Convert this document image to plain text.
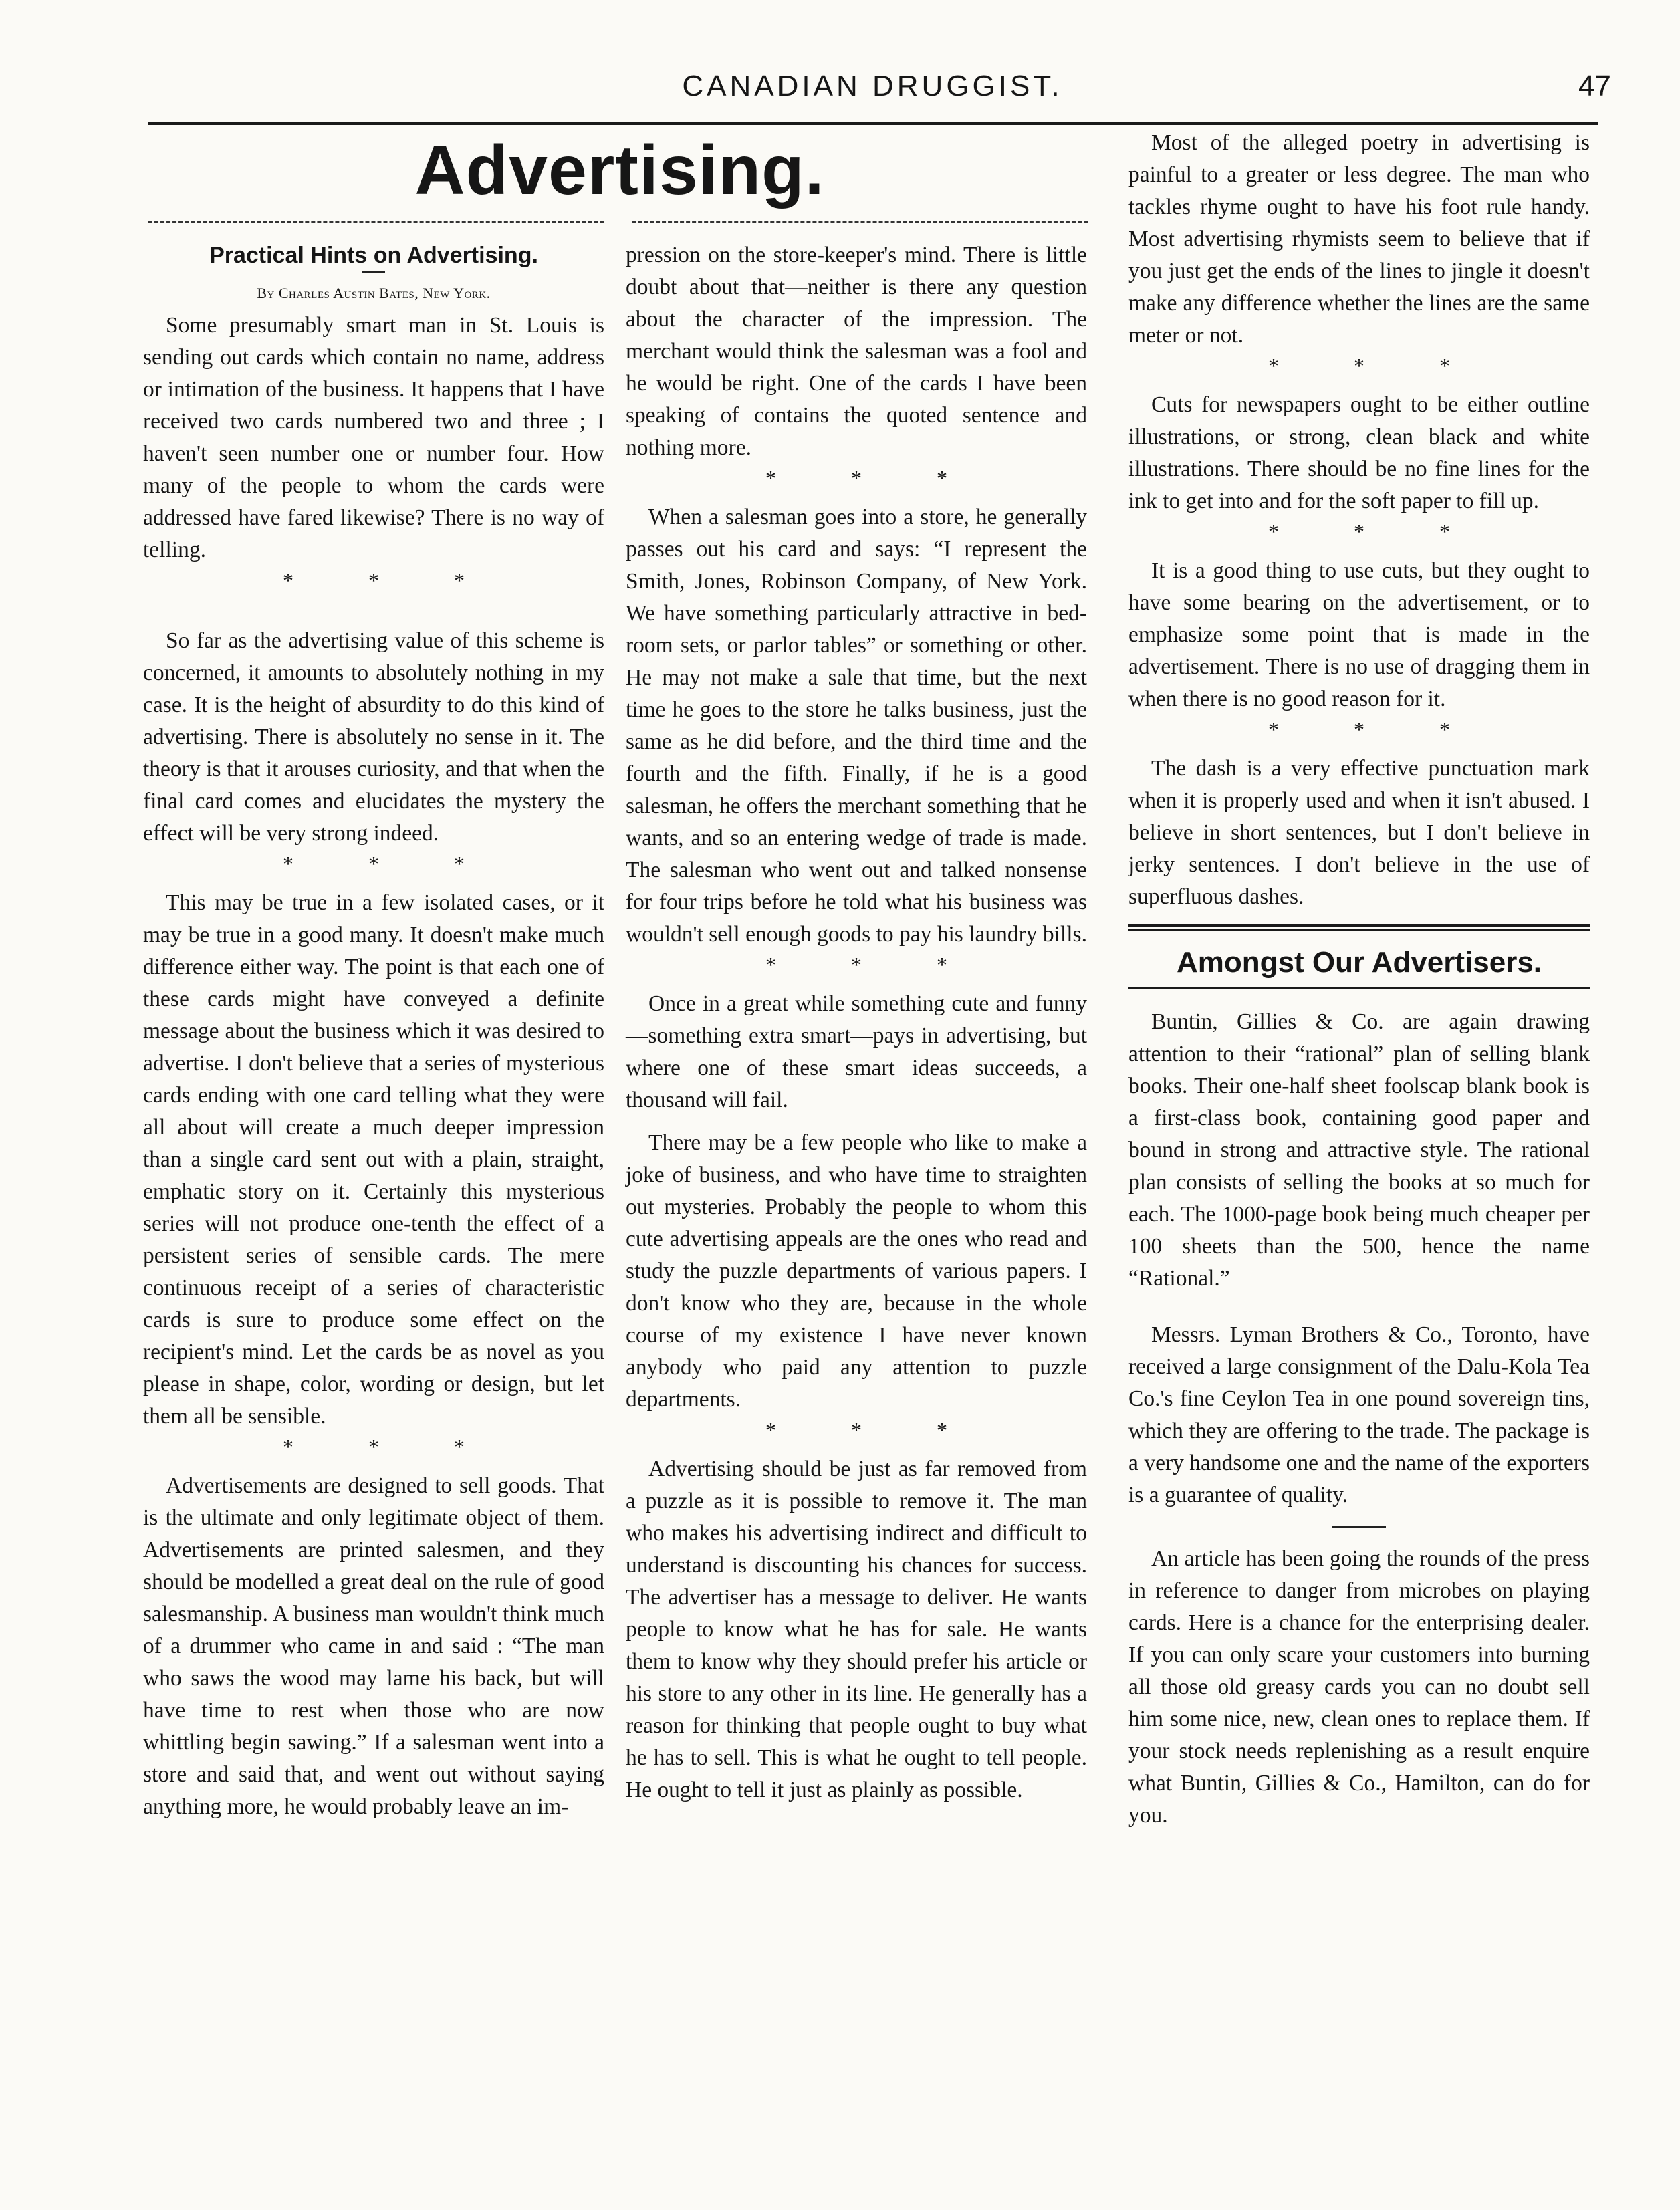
CANADIAN DRUGGIST.	47
Advertising.
Practical Hints on Advertising.
By Charles Austin Bates, New York.

Some presumably smart man in St. Louis is sending out cards which contain no name, address or intimation of the business. It happens that I have received two cards numbered two and three ; I haven't seen number one or number four. How many of the people to whom the cards were addressed have fared likewise? There is no way of telling.

* * *

So far as the advertising value of this scheme is concerned, it amounts to absolutely nothing in my case. It is the height of absurdity to do this kind of advertising. There is absolutely no sense in it. The theory is that it arouses curiosity, and that when the final card comes and elucidates the mystery the effect will be very strong indeed.

* * *

This may be true in a few isolated cases, or it may be true in a good many. It doesn't make much difference either way. The point is that each one of these cards might have conveyed a definite message about the business which it was desired to advertise. I don't believe that a series of mysterious cards ending with one card telling what they were all about will create a much deeper impression than a single card sent out with a plain, straight, emphatic story on it. Certainly this mysterious series will not produce one-tenth the effect of a persistent series of sensible cards. The mere continuous receipt of a series of characteristic cards is sure to produce some effect on the recipient's mind. Let the cards be as novel as you please in shape, color, wording or design, but let them all be sensible.

* * *

Advertisements are designed to sell goods. That is the ultimate and only legitimate object of them. Advertisements are printed salesmen, and they should be modelled a great deal on the rule of good salesmanship. A business man wouldn't think much of a drummer who came in and said : “The man who saws the wood may lame his back, but will have time to rest when those who are now whittling begin sawing.” If a salesman went into a store and said that, and went out without saying anything more, he would probably leave an im-

pression on the store-keeper's mind. There is little doubt about that—neither is there any question about the character of the impression. The merchant would think the salesman was a fool and he would be right. One of the cards I have been speaking of contains the quoted sentence and nothing more.

* * *

When a salesman goes into a store, he generally passes out his card and says: “I represent the Smith, Jones, Robinson Company, of New York. We have something particularly attractive in bed-room sets, or parlor tables” or something or other. He may not make a sale that time, but the next time he goes to the store he talks business, just the same as he did before, and the third time and the fourth and the fifth. Finally, if he is a good salesman, he offers the merchant something that he wants, and so an entering wedge of trade is made. The salesman who went out and talked nonsense for four trips before he told what his business was wouldn't sell enough goods to pay his laundry bills.

* * *

Once in a great while something cute and funny—something extra smart—pays in advertising, but where one of these smart ideas succeeds, a thousand will fail.

There may be a few people who like to make a joke of business, and who have time to straighten out mysteries. Probably the people to whom this cute advertising appeals are the ones who read and study the puzzle departments of various papers. I don't know who they are, because in the whole course of my existence I have never known anybody who paid any attention to puzzle departments.

* * *

Advertising should be just as far removed from a puzzle as it is possible to remove it. The man who makes his advertising indirect and difficult to understand is discounting his chances for success. The advertiser has a message to deliver. He wants people to know what he has for sale. He wants them to know why they should prefer his article or his store to any other in its line. He generally has a reason for thinking that people ought to buy what he has to sell. This is what he ought to tell people. He ought to tell it just as plainly as possible.

Most of the alleged poetry in advertising is painful to a greater or less degree. The man who tackles rhyme ought to have his foot rule handy. Most advertising rhymists seem to believe that if you just get the ends of the lines to jingle it doesn't make any difference whether the lines are the same meter or not.

* * *

Cuts for newspapers ought to be either outline illustrations, or strong, clean black and white illustrations. There should be no fine lines for the ink to get into and for the soft paper to fill up.

* * *

It is a good thing to use cuts, but they ought to have some bearing on the advertisement, or to emphasize some point that is made in the advertisement. There is no use of dragging them in when there is no good reason for it.

* * *

The dash is a very effective punctuation mark when it is properly used and when it isn't abused. I believe in short sentences, but I don't believe in jerky sentences. I don't believe in the use of superfluous dashes.

Amongst Our Advertisers.

Buntin, Gillies & Co. are again drawing attention to their “rational” plan of selling blank books. Their one-half sheet foolscap blank book is a first-class book, containing good paper and bound in strong and attractive style. The rational plan consists of selling the books at so much for each. The 1000-page book being much cheaper per 100 sheets than the 500, hence the name “Rational.”

Messrs. Lyman Brothers & Co., Toronto, have received a large consignment of the Dalu-Kola Tea Co.'s fine Ceylon Tea in one pound sovereign tins, which they are offering to the trade. The package is a very handsome one and the name of the exporters is a guarantee of quality.

An article has been going the rounds of the press in reference to danger from microbes on playing cards. Here is a chance for the enterprising dealer. If you can only scare your customers into burning all those old greasy cards you can no doubt sell him some nice, new, clean ones to replace them. If your stock needs replenishing as a result enquire what Buntin, Gillies & Co., Hamilton, can do for you.
